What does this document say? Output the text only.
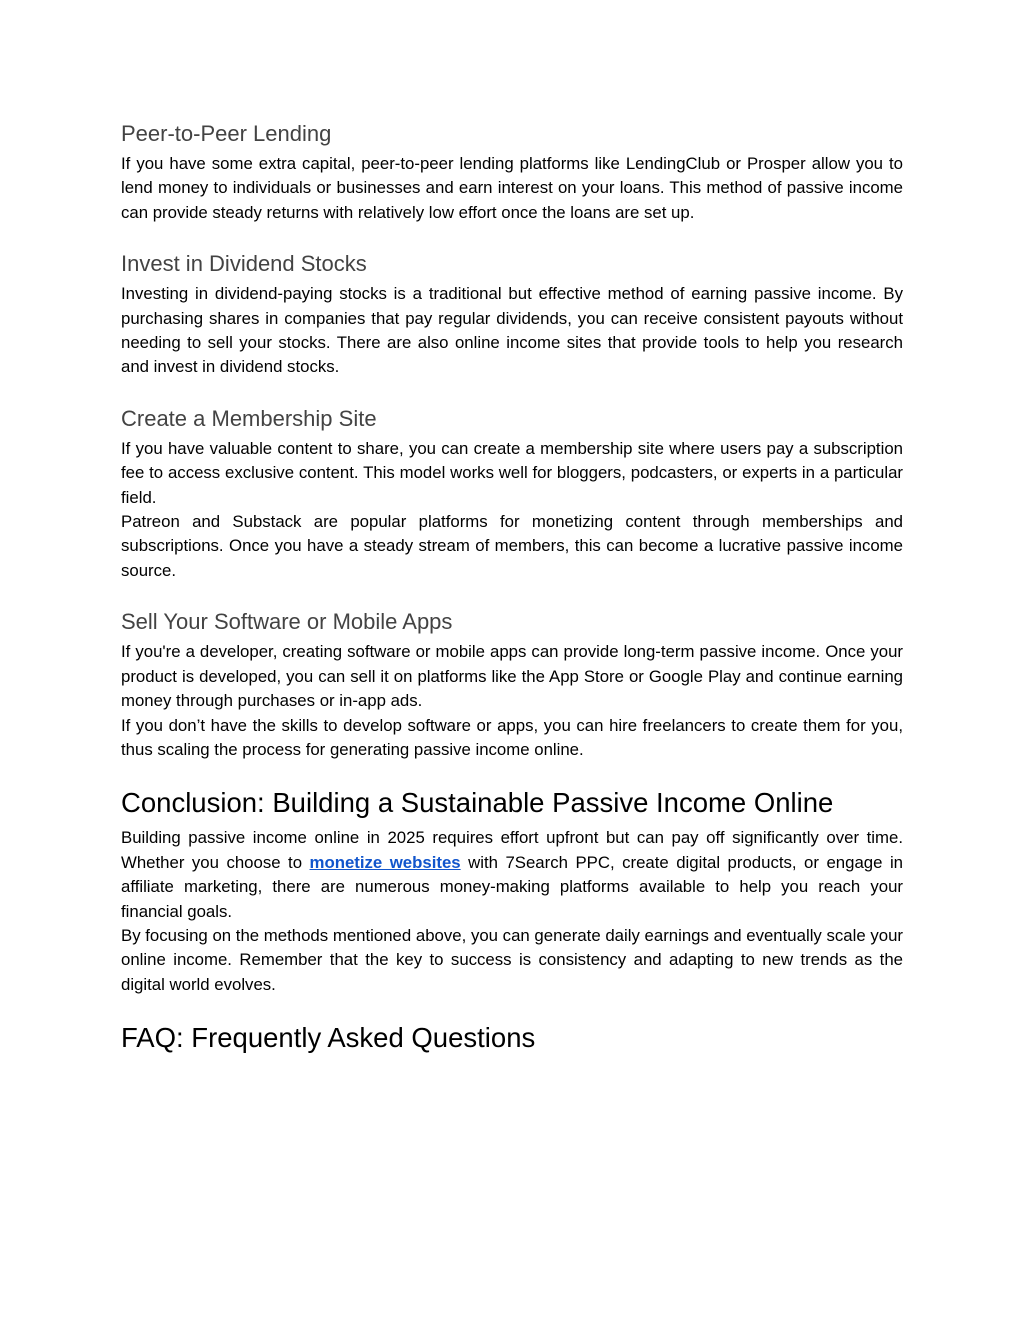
Peer-to-Peer Lending

If you have some extra capital, peer-to-peer lending platforms like LendingClub or Prosper allow you to lend money to individuals or businesses and earn interest on your loans. This method of passive income can provide steady returns with relatively low effort once the loans are set up.

Invest in Dividend Stocks

Investing in dividend-paying stocks is a traditional but effective method of earning passive income. By purchasing shares in companies that pay regular dividends, you can receive consistent payouts without needing to sell your stocks. There are also online income sites that provide tools to help you research and invest in dividend stocks.

Create a Membership Site

If you have valuable content to share, you can create a membership site where users pay a subscription fee to access exclusive content. This model works well for bloggers, podcasters, or experts in a particular field.

Patreon and Substack are popular platforms for monetizing content through memberships and subscriptions. Once you have a steady stream of members, this can become a lucrative passive income source.

Sell Your Software or Mobile Apps

If you're a developer, creating software or mobile apps can provide long-term passive income. Once your product is developed, you can sell it on platforms like the App Store or Google Play and continue earning money through purchases or in-app ads.

If you don’t have the skills to develop software or apps, you can hire freelancers to create them for you, thus scaling the process for generating passive income online.

Conclusion: Building a Sustainable Passive Income Online

Building passive income online in 2025 requires effort upfront but can pay off significantly over time. Whether you choose to monetize websites with 7Search PPC, create digital products, or engage in affiliate marketing, there are numerous money-making platforms available to help you reach your financial goals.

By focusing on the methods mentioned above, you can generate daily earnings and eventually scale your online income. Remember that the key to success is consistency and adapting to new trends as the digital world evolves.

FAQ: Frequently Asked Questions
